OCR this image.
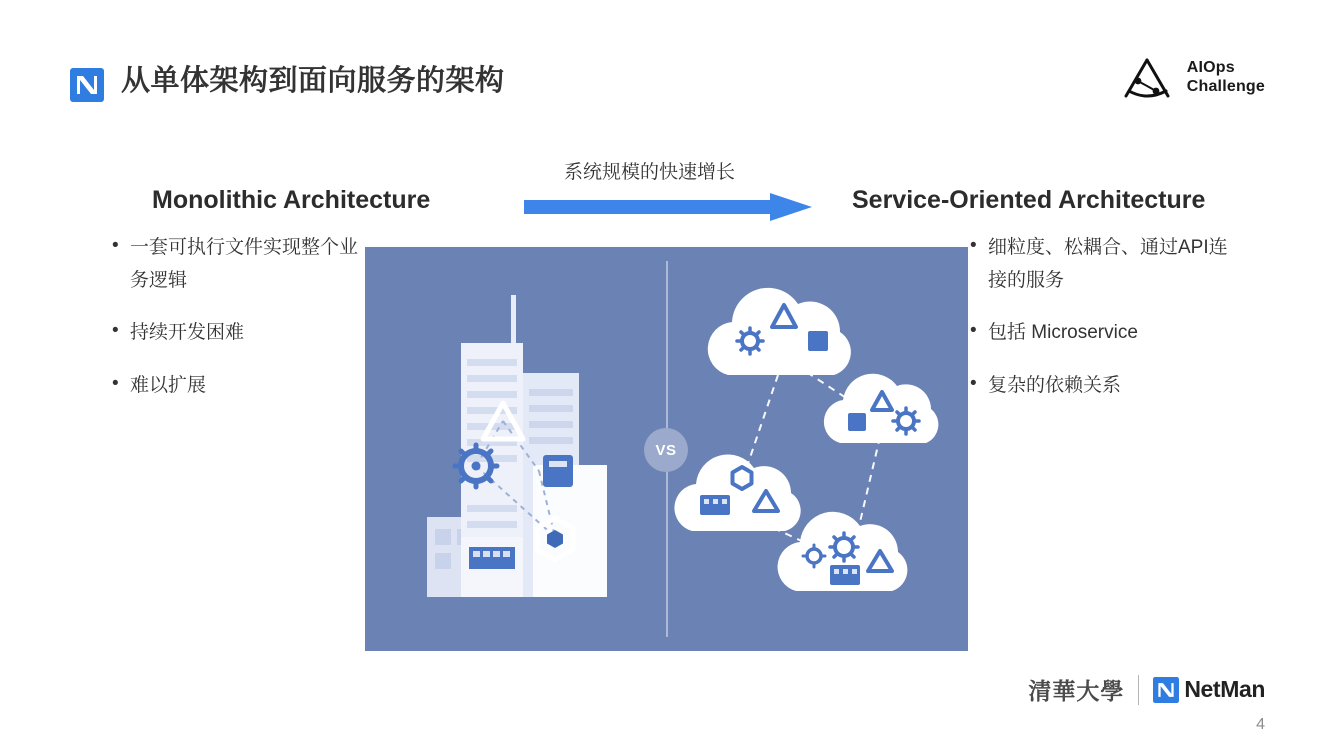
从单体架构到面向服务的架构	AIOps
Challenge
Monolithic Architecture	Service-Oriented Architecture
系统规模的快速增长
• 一套可执行文件实现整个业务逻辑
• 持续开发困难
• 难以扩展
• 细粒度、松耦合、通过API连接的服务
• 包括 Microservice
• 复杂的依赖关系
VS
清華大學	NetMan
4
